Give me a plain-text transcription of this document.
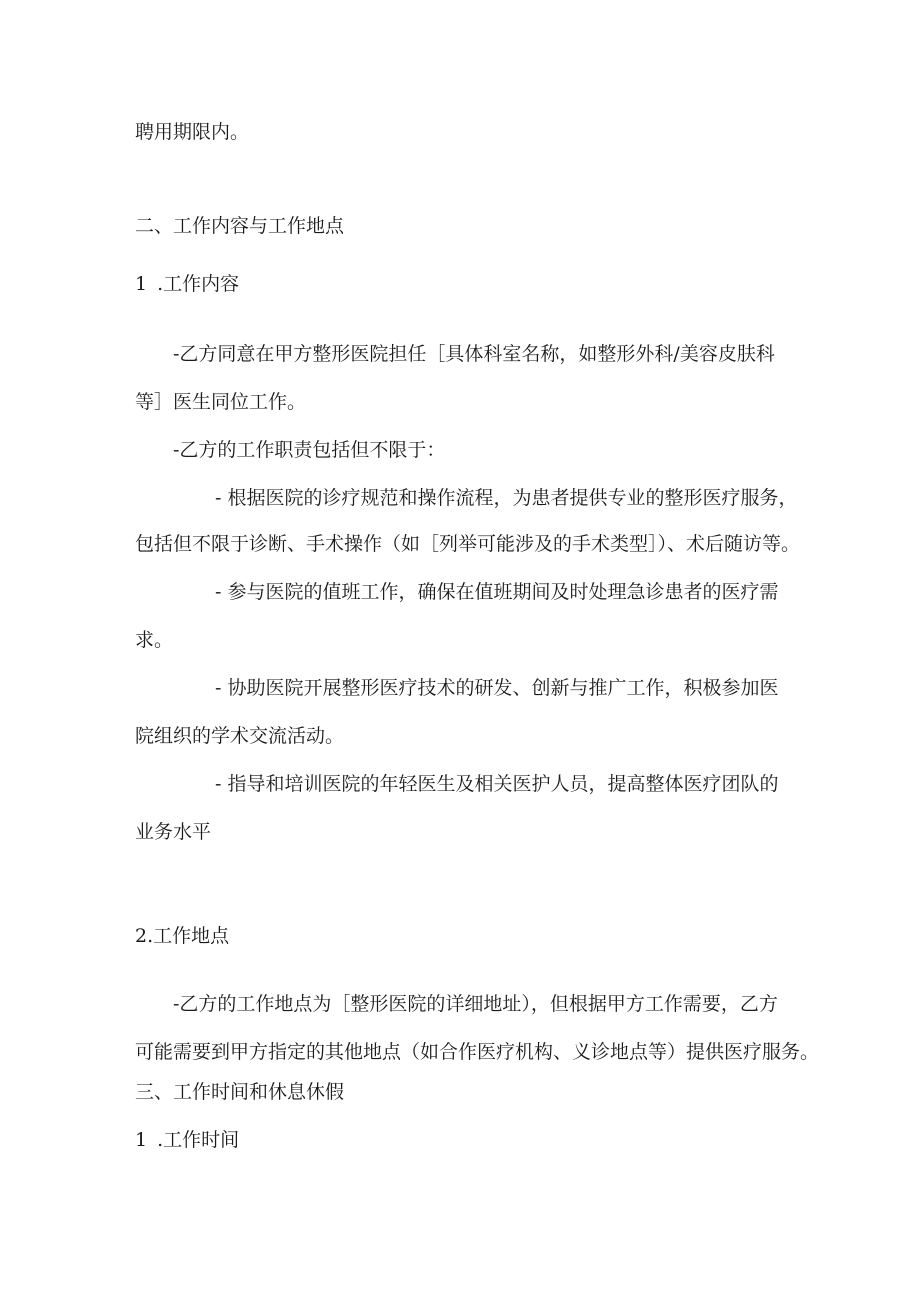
聘用期限内。
二、工作内容与工作地点
1 .工作内容
-乙方同意在甲方整形医院担任［具体科室名称，如整形外科/美容皮肤科
等］医生同位工作。
-乙方的工作职责包括但不限于：
- 根据医院的诊疗规范和操作流程，为患者提供专业的整形医疗服务，
包括但不限于诊断、手术操作（如［列举可能涉及的手术类型］）、术后随访等。
- 参与医院的值班工作，确保在值班期间及时处理急诊患者的医疗需
求。
- 协助医院开展整形医疗技术的研发、创新与推广工作，积极参加医
院组织的学术交流活动。
- 指导和培训医院的年轻医生及相关医护人员，提高整体医疗团队的
业务水平
2.工作地点
-乙方的工作地点为［整形医院的详细地址），但根据甲方工作需要，乙方
可能需要到甲方指定的其他地点（如合作医疗机构、义诊地点等）提供医疗服务。
三、工作时间和休息休假
1 .工作时间
